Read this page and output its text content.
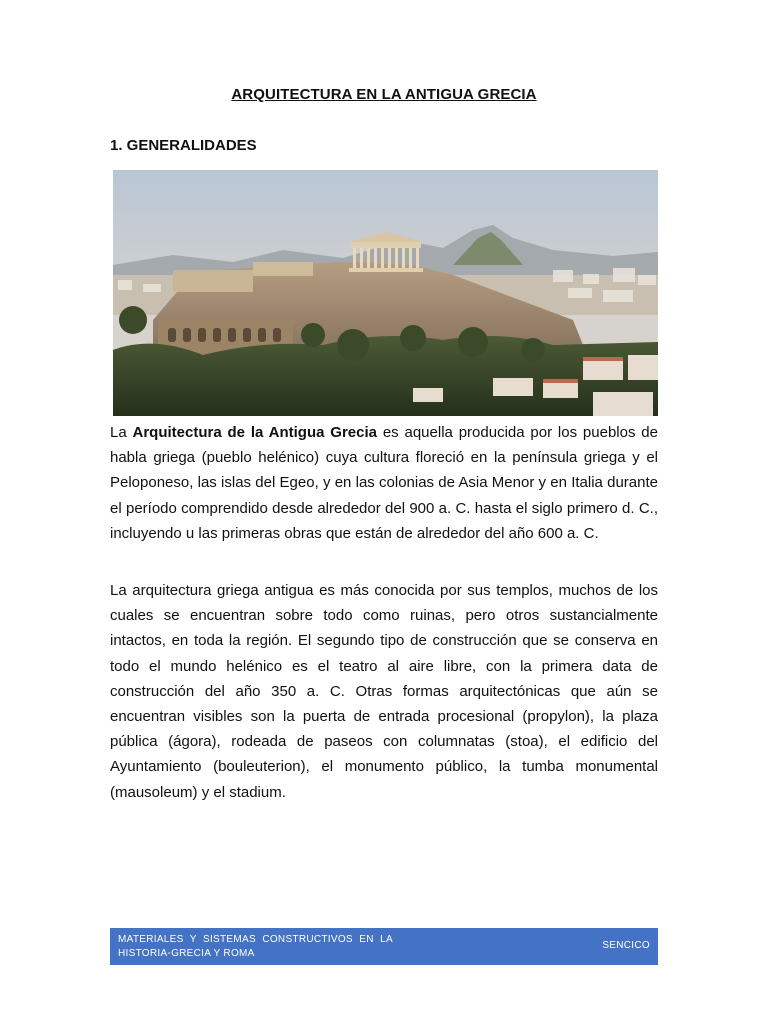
ARQUITECTURA EN LA ANTIGUA GRECIA
1. GENERALIDADES

La Arquitectura de la Antigua Grecia es aquella producida por los pueblos de habla griega (pueblo helénico) cuya cultura floreció en la península griega y el Peloponeso, las islas del Egeo, y en las colonias de Asia Menor y en Italia durante el período comprendido desde alrededor del 900 a. C. hasta el siglo primero d. C., incluyendo u las primeras obras que están de alrededor del año 600 a. C.

La arquitectura griega antigua es más conocida por sus templos, muchos de los cuales se encuentran sobre todo como ruinas, pero otros sustancialmente intactos, en toda la región. El segundo tipo de construcción que se conserva en todo el mundo helénico es el teatro al aire libre, con la primera data de construcción del año 350 a. C. Otras formas arquitectónicas que aún se encuentran visibles son la puerta de entrada procesional (propylon), la plaza pública (ágora), rodeada de paseos con columnatas (stoa), el edificio del Ayuntamiento (bouleuterion), el monumento público, la tumba monumental (mausoleum) y el stadium.

MATERIALES Y SISTEMAS CONSTRUCTIVOS EN LA HISTORIA-GRECIA Y ROMA
SENCICO
